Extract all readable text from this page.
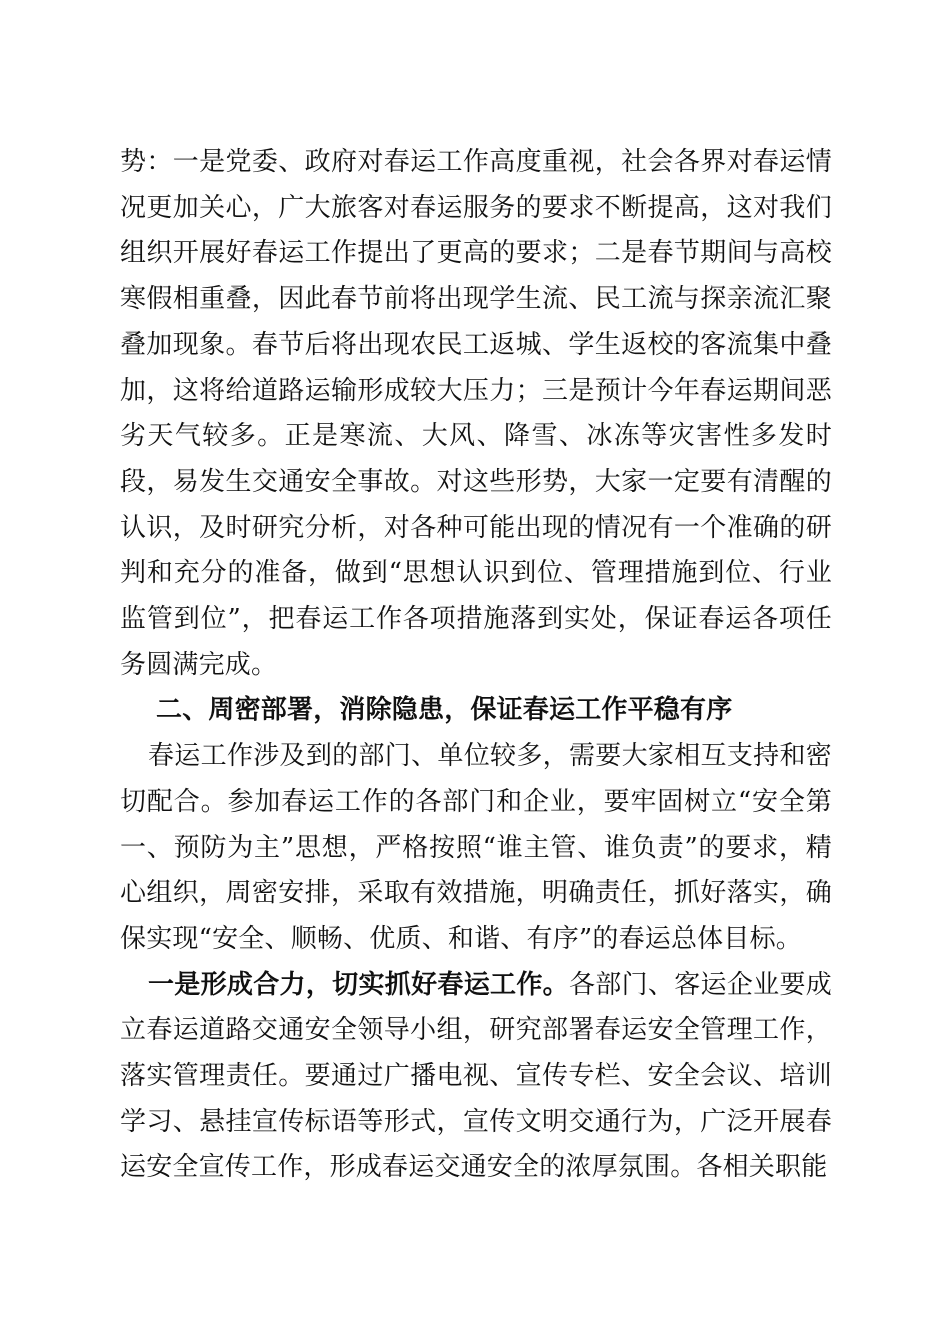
势：一是党委、政府对春运工作高度重视，社会各界对春运情况更加关心，广大旅客对春运服务的要求不断提高，这对我们组织开展好春运工作提出了更高的要求；二是春节期间与高校寒假相重叠，因此春节前将出现学生流、民工流与探亲流汇聚叠加现象。春节后将出现农民工返城、学生返校的客流集中叠加，这将给道路运输形成较大压力；三是预计今年春运期间恶劣天气较多。正是寒流、大风、降雪、冰冻等灾害性多发时段，易发生交通安全事故。对这些形势，大家一定要有清醒的认识，及时研究分析，对各种可能出现的情况有一个准确的研判和充分的准备，做到“思想认识到位、管理措施到位、行业监管到位”，把春运工作各项措施落到实处，保证春运各项任务圆满完成。

二、周密部署，消除隐患，保证春运工作平稳有序

春运工作涉及到的部门、单位较多，需要大家相互支持和密切配合。参加春运工作的各部门和企业，要牢固树立“安全第一、预防为主”思想，严格按照“谁主管、谁负责”的要求，精心组织，周密安排，采取有效措施，明确责任，抓好落实，确保实现“安全、顺畅、优质、和谐、有序”的春运总体目标。

一是形成合力，切实抓好春运工作。各部门、客运企业要成立春运道路交通安全领导小组，研究部署春运安全管理工作，落实管理责任。要通过广播电视、宣传专栏、安全会议、培训学习、悬挂宣传标语等形式，宣传文明交通行为，广泛开展春运安全宣传工作，形成春运交通安全的浓厚氛围。各相关职能
